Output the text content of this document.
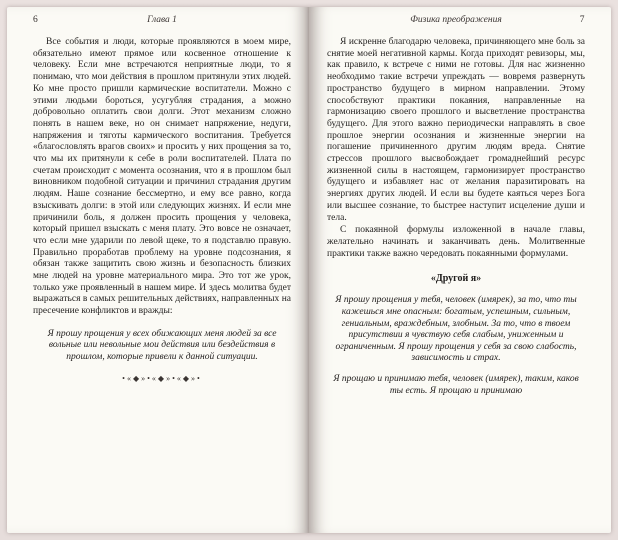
6	Глава 1

Все события и люди, которые проявляются в моем мире, обязательно имеют прямое или косвенное отношение к человеку. Если мне встречаются неприятные люди, то я понимаю, что мои действия в прошлом притянули этих людей. Ко мне просто пришли кармические воспитатели. Можно с этими людьми бороться, усугубляя страдания, а можно добровольно оплатить свои долги. Этот механизм сложно понять в нашем веке, но он снимает напряжение, недуги, напряжения и тяготы кармического воспитания. Требуется «благословлять врагов своих» и просить у них прощения за то, что мы их притянули к себе в роли воспитателей. Плата по счетам происходит с момента осознания, что я в прошлом был виновником подобной ситуации и причинил страдания другим людям. Наше сознание бессмертно, и ему все равно, когда взыскивать долги: в этой или следующих жизнях. И если мне причинили боль, я должен просить прощения у человека, который пришел взыскать с меня плату. Это вовсе не означает, что если мне ударили по левой щеке, то я подставлю правую. Правильно проработав проблему на уровне подсознания, я обязан также защитить свою жизнь и безопасность близких мне людей на уровне материального мира. Это тот же урок, только уже проявленный в нашем мире. И здесь молитва будет выражаться в самых решительных действиях, направленных на пресечение конфликтов и вражды:

Я прошу прощения у всех обижающих меня людей за все вольные или невольные мои действия или бездействия в прошлом, которые привели к данной ситуации.
•«◆»•«◆»•«◆»•
Физика преображения	7

Я искренне благодарю человека, причиняющего мне боль за снятие моей негативной кармы. Когда приходят ревизоры, мы, как правило, к встрече с ними не готовы. Для нас жизненно необходимо такие встречи упреждать — вовремя развернуть пространство будущего в мирном направлении. Этому способствуют практики покаяния, направленные на гармонизацию своего прошлого и высветление пространства будущего. Для этого важно периодически направлять в свое прошлое энергии осознания и жизненные энергии на погашение причиненного другим людям вреда. Снятие стрессов прошлого высвобождает громаднейший ресурс жизненной силы в настоящем, гармонизирует пространство будущего и избавляет нас от желания паразитировать на энергиях других людей. И если вы будете каяться через Бога или высшее сознание, то быстрее наступит исцеление души и тела.

С покаянной формулы изложенной в начале главы, желательно начинать и заканчивать день. Молитвенные практики также важно чередовать покаянными формулами.

«Другой я»
Я прошу прощения у тебя, человек (имярек), за то, что ты кажешься мне опасным: богатым, успешным, сильным, гениальным, враждебным, злобным. За то, что в твоем присутствии я чувствую себя слабым, униженным и ограниченным. Я прошу прощения у себя за свою слабость, зависимость и страх.
Я прощаю и принимаю тебя, человек (имярек), таким, каков ты есть. Я прощаю и принимаю
